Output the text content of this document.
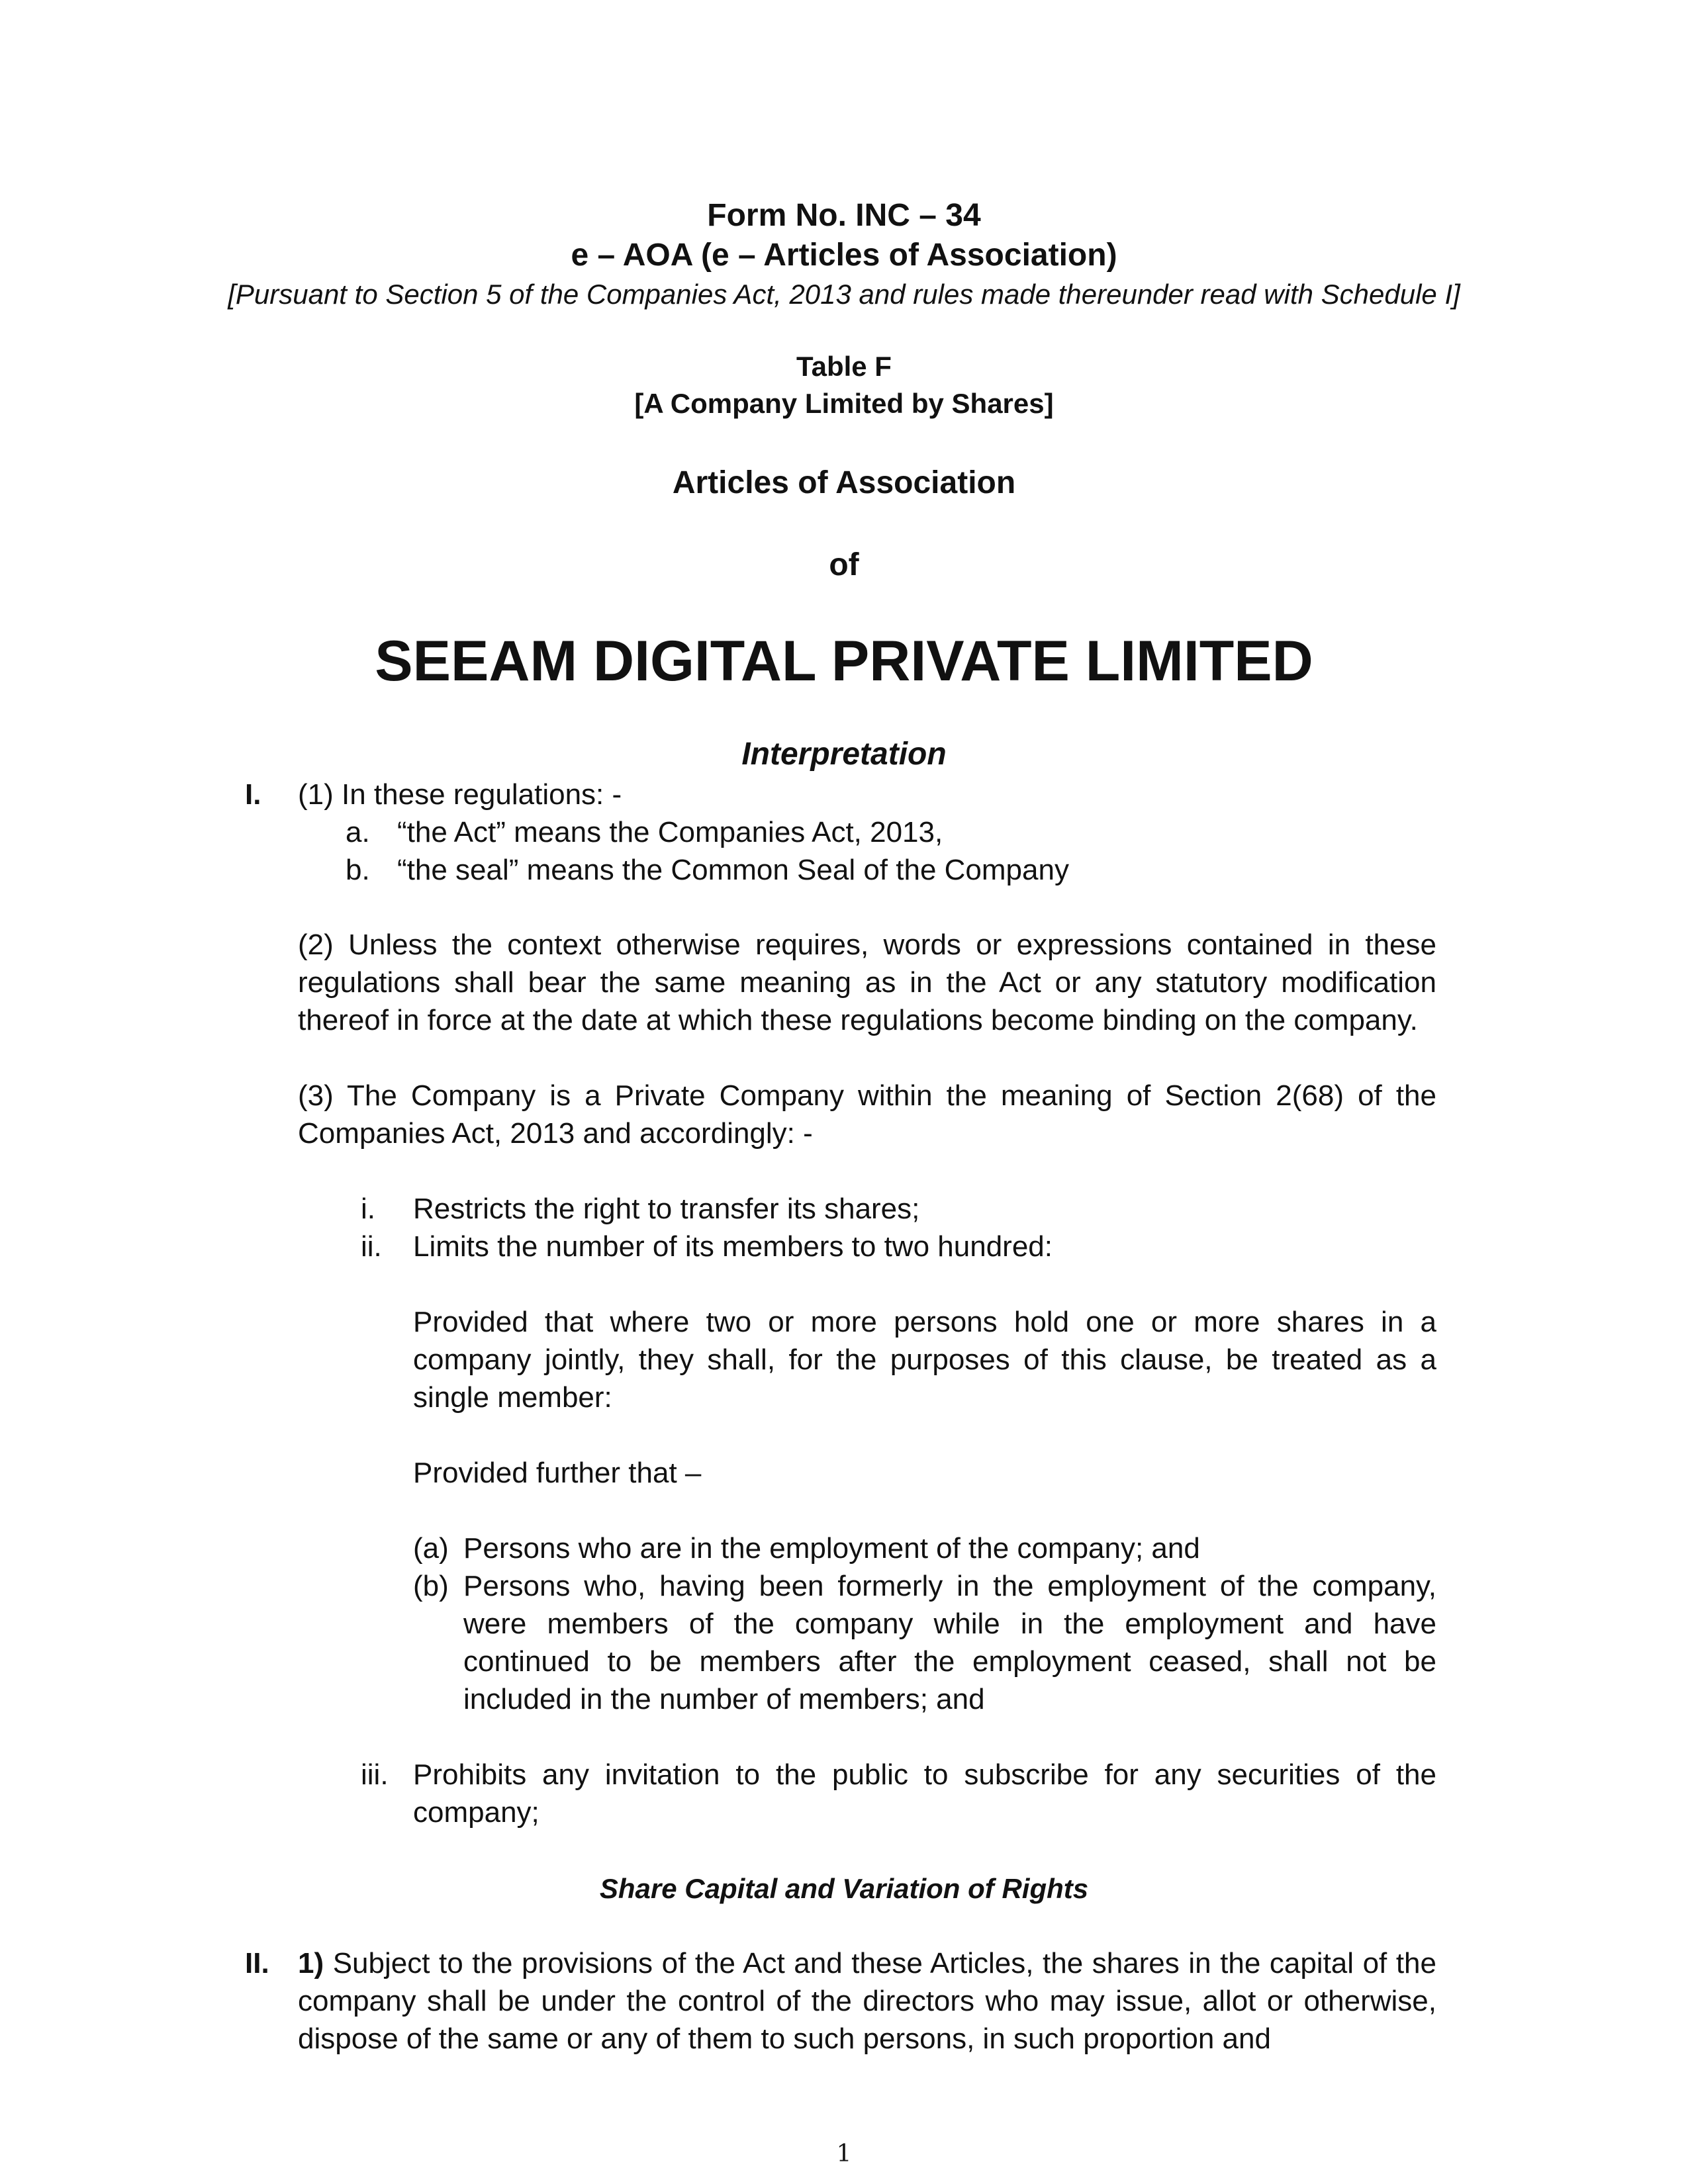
Form No. INC – 34
e – AOA (e – Articles of Association)
[Pursuant to Section 5 of the Companies Act, 2013 and rules made thereunder read with Schedule I]
Table F
[A Company Limited by Shares]
Articles of Association
of
SEEAM DIGITAL PRIVATE LIMITED
Interpretation
I. (1) In these regulations: -
a. “the Act” means the Companies Act, 2013,
b. “the seal” means the Common Seal of the Company
(2) Unless the context otherwise requires, words or expressions contained in these regulations shall bear the same meaning as in the Act or any statutory modification thereof in force at the date at which these regulations become binding on the company.
(3) The Company is a Private Company within the meaning of Section 2(68) of the Companies Act, 2013 and accordingly: -
i. Restricts the right to transfer its shares;
ii. Limits the number of its members to two hundred:
Provided that where two or more persons hold one or more shares in a company jointly, they shall, for the purposes of this clause, be treated as a single member:
Provided further that –
(a) Persons who are in the employment of the company; and
(b) Persons who, having been formerly in the employment of the company, were members of the company while in the employment and have continued to be members after the employment ceased, shall not be included in the number of members; and
iii. Prohibits any invitation to the public to subscribe for any securities of the company;
Share Capital and Variation of Rights
II. 1) Subject to the provisions of the Act and these Articles, the shares in the capital of the company shall be under the control of the directors who may issue, allot or otherwise, dispose of the same or any of them to such persons, in such proportion and
1
